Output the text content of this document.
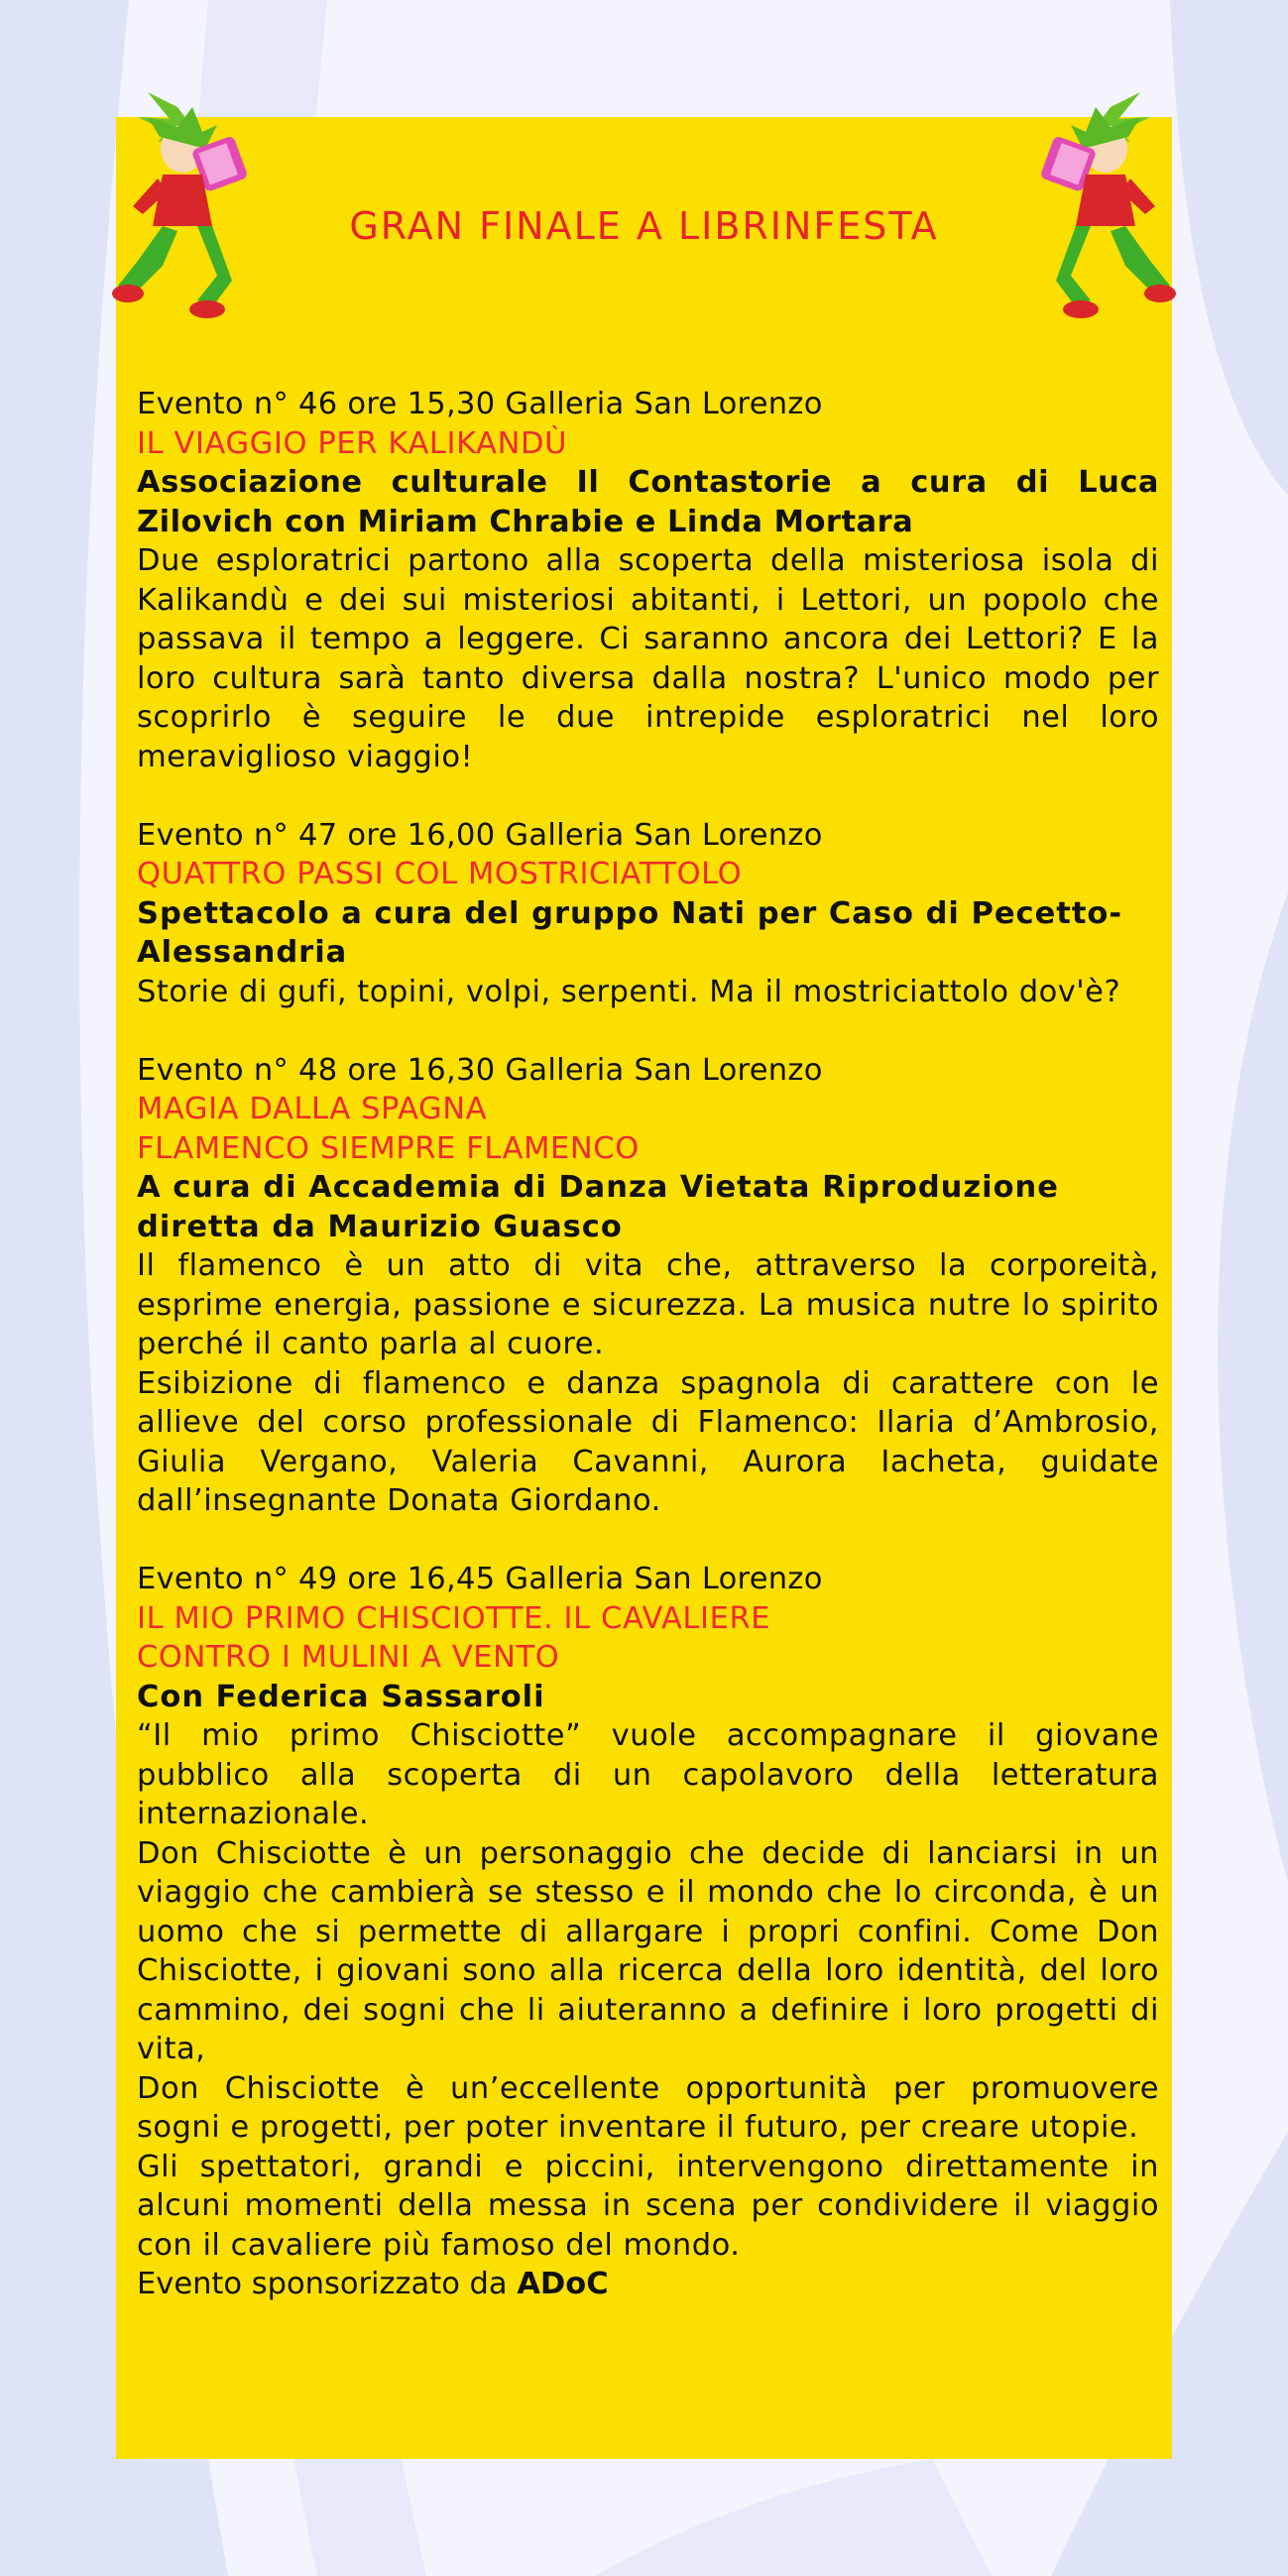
GRAN FINALE A LIBRINFESTA

Evento n° 46 ore 15,30 Galleria San Lorenzo

IL VIAGGIO PER KALIKANDÙ

Associazione culturale Il Contastorie a cura di Luca Zilovich con Miriam Chrabie e Linda Mortara

Due esploratrici partono alla scoperta della misteriosa isola di Kalikandù e dei sui misteriosi abitanti, i Lettori, un popolo che passava il tempo a leggere. Ci saranno ancora dei Lettori? E la loro cultura sarà tanto diversa dalla nostra? L'unico modo per scoprirlo è seguire le due intrepide esploratrici nel loro meraviglioso viaggio!

Evento n° 47 ore 16,00 Galleria San Lorenzo

QUATTRO PASSI COL MOSTRICIATTOLO

Spettacolo a cura del gruppo Nati per Caso di Pecetto-Alessandria

Storie di gufi, topini, volpi, serpenti. Ma il mostriciattolo dov'è?

Evento n° 48 ore 16,30 Galleria San Lorenzo

MAGIA DALLA SPAGNA

FLAMENCO SIEMPRE FLAMENCO

A cura di Accademia di Danza Vietata Riproduzione diretta da Maurizio Guasco

Il flamenco è un atto di vita che, attraverso la corporeità, esprime energia, passione e sicurezza. La musica nutre lo spirito perché il canto parla al cuore.

Esibizione di flamenco e danza spagnola di carattere con le allieve del corso professionale di Flamenco: Ilaria d’Ambrosio, Giulia Vergano, Valeria Cavanni, Aurora Iacheta, guidate dall’insegnante Donata Giordano.

Evento n° 49 ore 16,45 Galleria San Lorenzo

IL MIO PRIMO CHISCIOTTE. IL CAVALIERE

CONTRO I MULINI A VENTO

Con Federica Sassaroli

“Il mio primo Chisciotte” vuole accompagnare il giovane pubblico alla scoperta di un capolavoro della letteratura internazionale.

Don Chisciotte è un personaggio che decide di lanciarsi in un viaggio che cambierà se stesso e il mondo che lo circonda, è un uomo che si permette di allargare i propri confini. Come Don Chisciotte, i giovani sono alla ricerca della loro identità, del loro cammino, dei sogni che li aiuteranno a definire i loro progetti di vita,

Don Chisciotte è un’eccellente opportunità per promuovere sogni e progetti, per poter inventare il futuro, per creare utopie.

Gli spettatori, grandi e piccini, intervengono direttamente in alcuni momenti della messa in scena per condividere il viaggio con il cavaliere più famoso del mondo.

Evento sponsorizzato da ADoC
